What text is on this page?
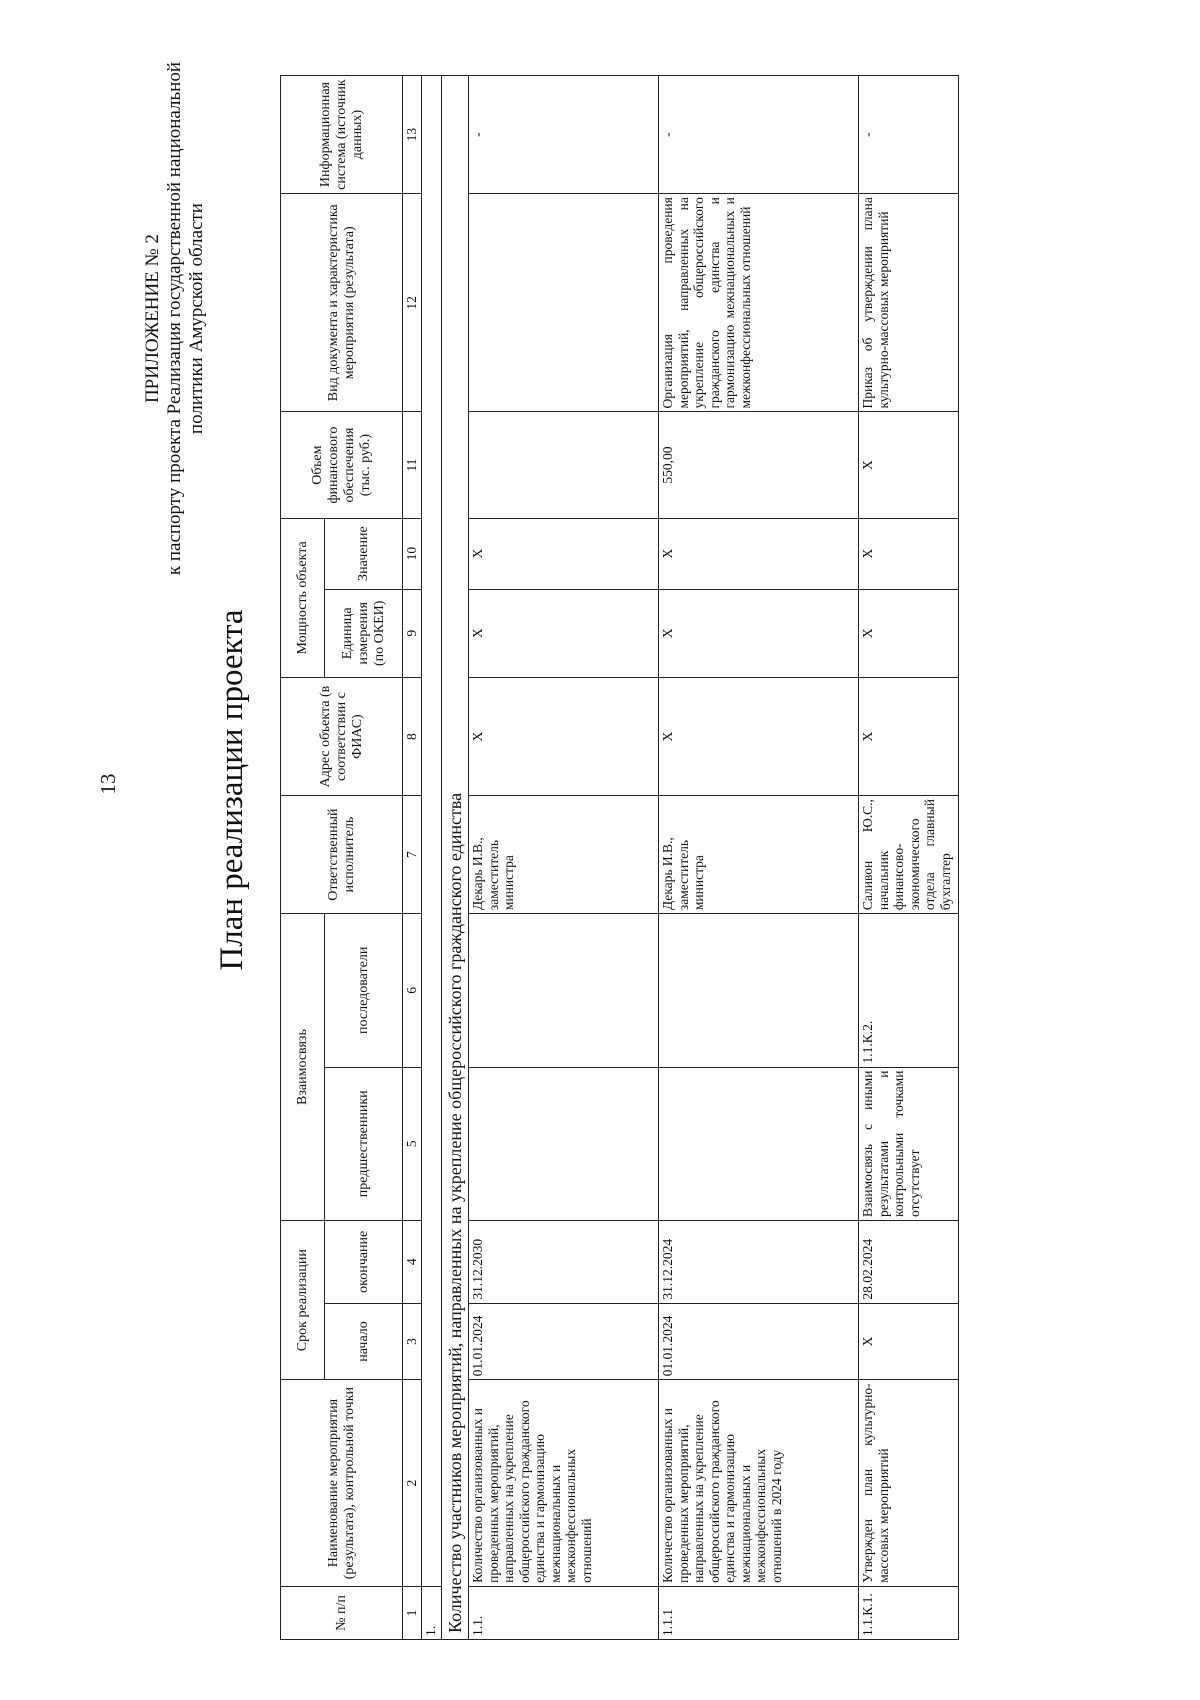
13
ПРИЛОЖЕНИЕ № 2 к паспорту проекта Реализация государственной национальной политики Амурской области
План реализации проекта
№ п/п	Наименование мероприятия (результата), контрольной точки	Срок реализации		Взаимосвязь		Ответственный исполнитель	Адрес объекта (в соответствии с ФИАС)	Мощность объекта		Объем финансового обеспечения (тыс. руб.)	Вид документа и характеристика мероприятия (результата)	Информационная система (источник данных)
		начало	окончание	предшественники	последователи			Единица измерения (по ОКЕИ)	Значение			
1	2	3	4	5	6	7	8	9	10	11	12	13
1.												
Количество участников мероприятий, направленных на укрепление общероссийского гражданского единства												
1.1.	Количество организованных и проведенных мероприятий, направленных на укрепление общероссийского гражданского единства и гармонизацию межнациональных и межконфессиональных отношений	01.01.2024	31.12.2030			Декарь И.В., заместитель министра	X	X	X			-
1.1.1	Количество организованных и проведенных мероприятий, направленных на укрепление общероссийского гражданского единства и гармонизацию межнациональных и межконфессиональных отношений в 2024 году	01.01.2024	31.12.2024			Декарь И.В., заместитель министра	X	X	X	550,00	Организация проведения мероприятий, направленных на укрепление общероссийского гражданского единства и гармонизацию межнациональных и межконфессиональных отношений	-
1.1.К.1.	Утвержден план культурно-массовых мероприятий	X	28.02.2024	Взаимосвязь с иными результатами и контрольными точками отсутствует	1.1.К.2.	Саливон Ю.С., начальник финансово-экономического отдела главный бухгалтер	X	X	X	X	Приказ об утверждении плана культурно-массовых мероприятий	-
